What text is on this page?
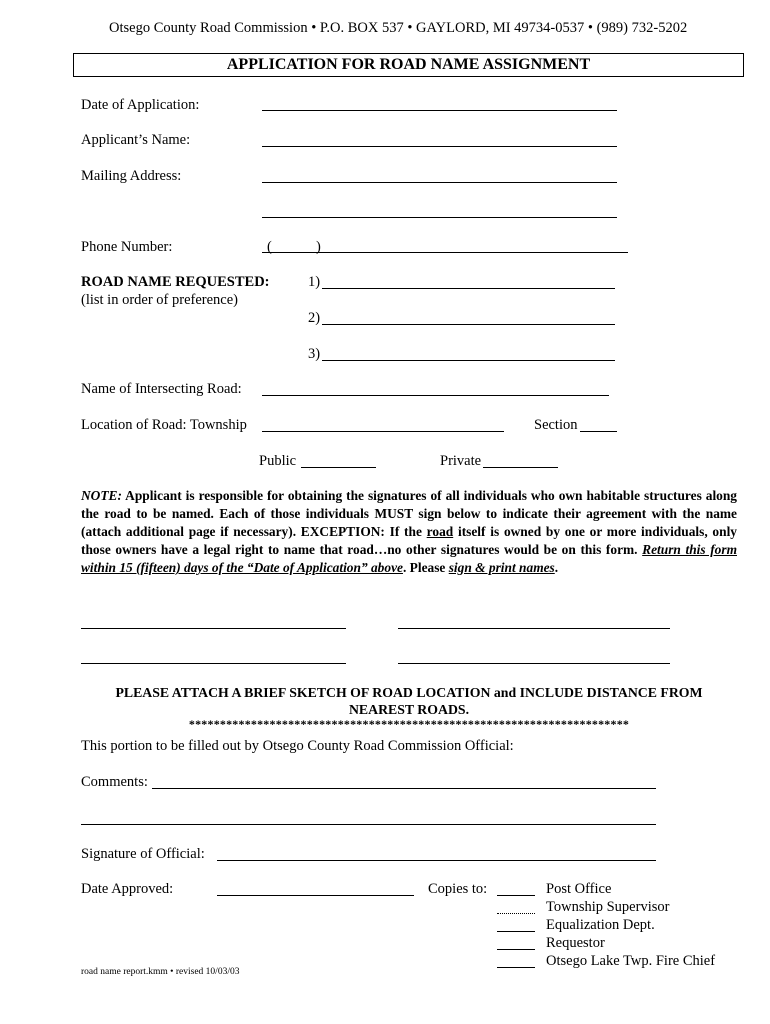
Otsego County Road Commission • P.O. BOX 537 • GAYLORD, MI 49734-0537 • (989) 732-5202
APPLICATION FOR ROAD NAME ASSIGNMENT
Date of Application:
Applicant’s Name:
Mailing Address:
Phone Number:	(	)
ROAD NAME REQUESTED:
(list in order of preference)
1)
2)
3)
Name of Intersecting Road:
Location of Road: Township	Section
Public	Private
NOTE: Applicant is responsible for obtaining the signatures of all individuals who own habitable structures along the road to be named. Each of those individuals MUST sign below to indicate their agreement with the name (attach additional page if necessary). EXCEPTION: If the road itself is owned by one or more individuals, only those owners have a legal right to name that road…no other signatures would be on this form. Return this form within 15 (fifteen) days of the “Date of Application” above. Please sign & print names.
PLEASE ATTACH A BRIEF SKETCH OF ROAD LOCATION and INCLUDE DISTANCE FROM NEAREST ROADS.
***********************************************************************
This portion to be filled out by Otsego County Road Commission Official:
Comments:
Signature of Official:
Date Approved:	Copies to:	Post Office
Township Supervisor
Equalization Dept.
Requestor
Otsego Lake Twp. Fire Chief
road name report.kmm • revised 10/03/03
